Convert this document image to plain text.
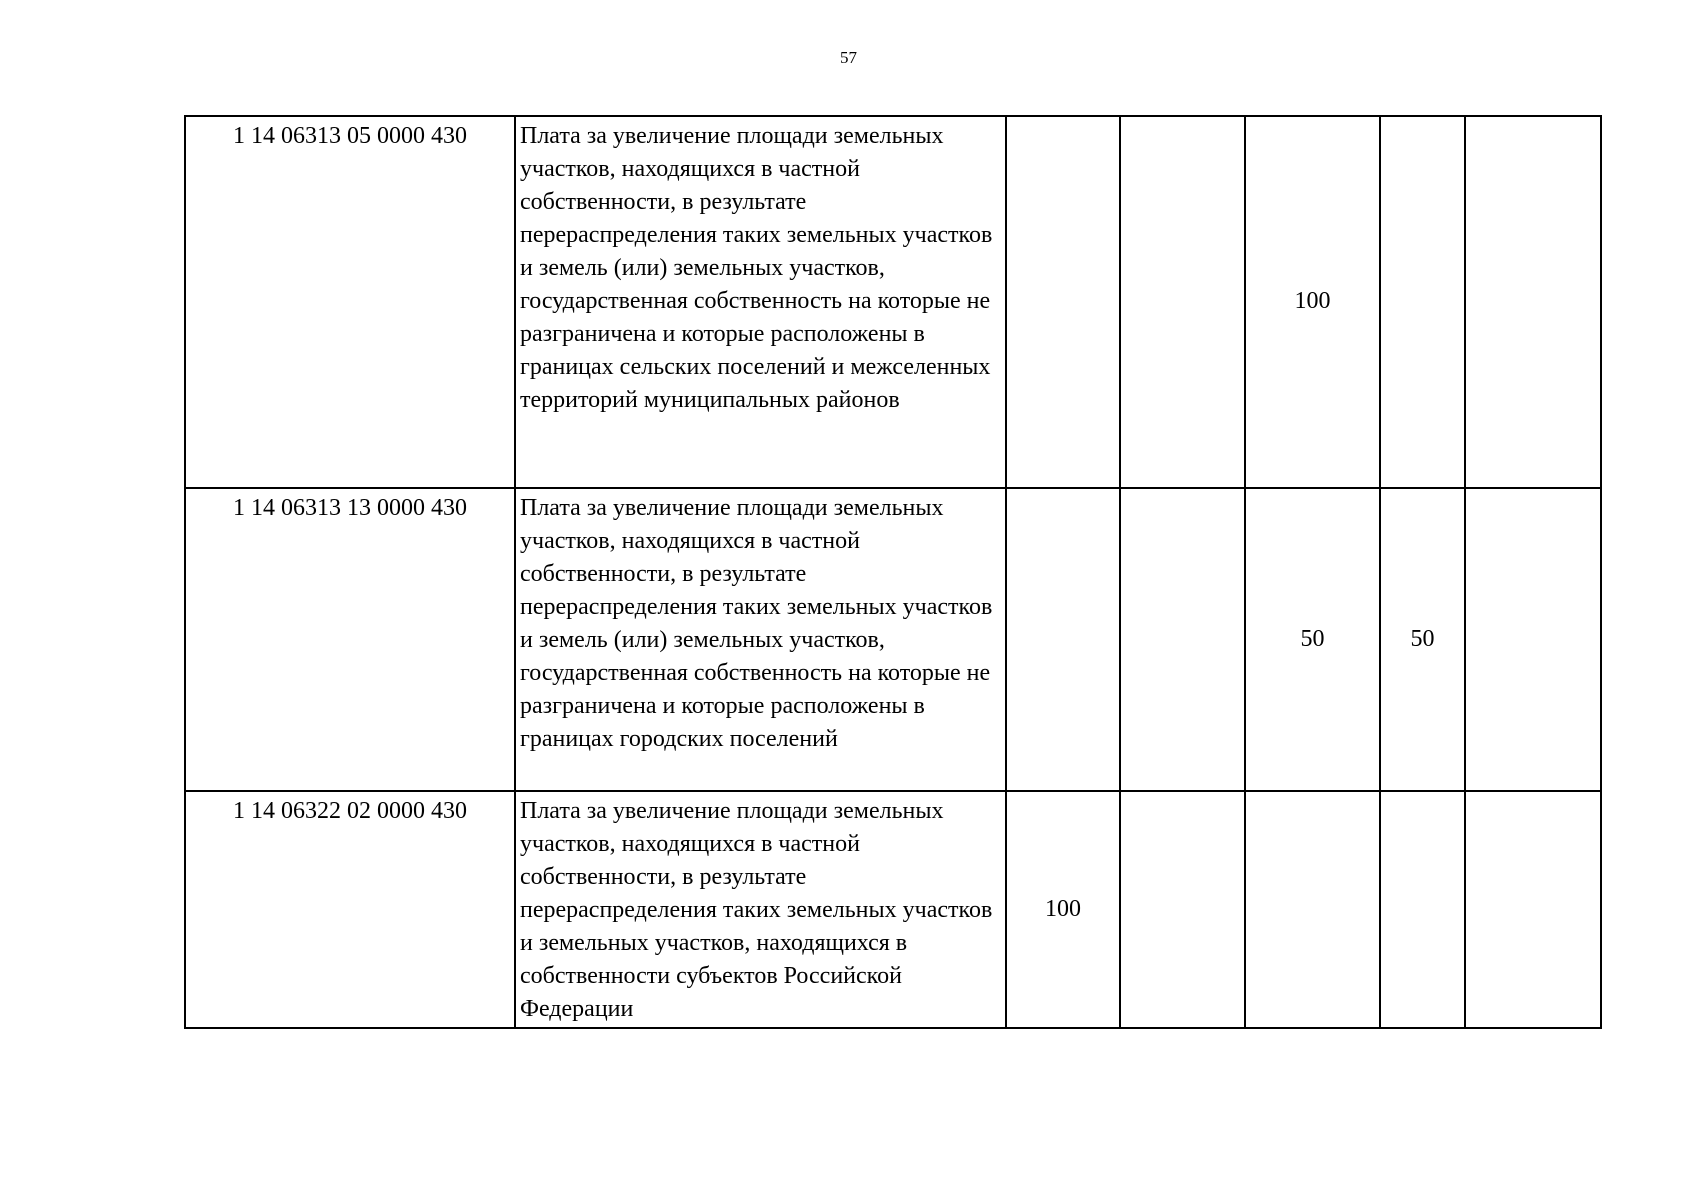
57
1 14 06313 05 0000 430	Плата за увеличение площади земельных участков, находящихся в частной собственности, в результате перераспределения таких земельных участков и земель (или) земельных участков, государственная собственность на которые не разграничена и которые расположены в границах сельских поселений и межселенных территорий муниципальных районов			100		
1 14 06313 13 0000 430	Плата за увеличение площади земельных участков, находящихся в частной собственности, в результате перераспределения таких земельных участков и земель (или) земельных участков, государственная собственность на которые не разграничена и которые расположены в границах городских поселений			50	50	
1 14 06322 02 0000 430	Плата за увеличение площади земельных участков, находящихся в частной собственности, в результате перераспределения таких земельных участков и земельных участков, находящихся в собственности субъектов Российской Федерации	100				
